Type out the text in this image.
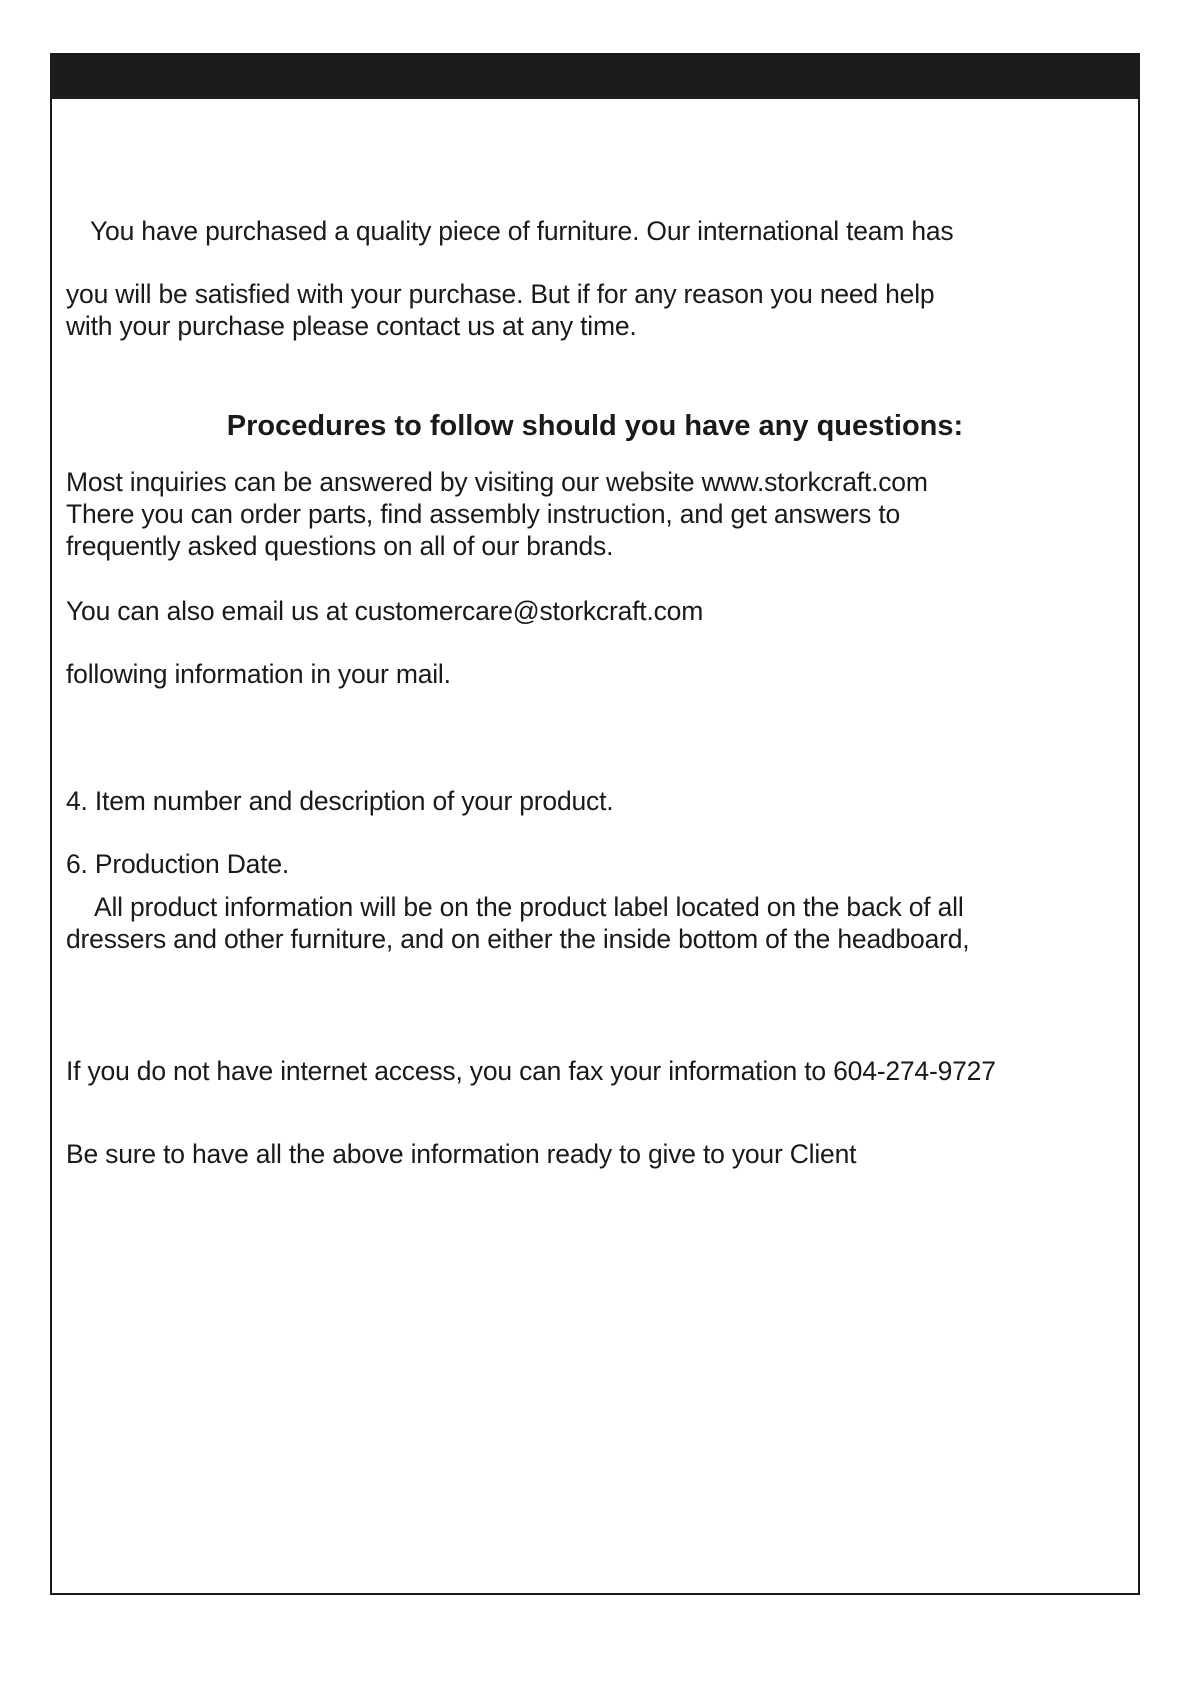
You have purchased a quality piece of furniture. Our international team has

you will be satisfied with your purchase. But if for any reason you need help

with your purchase please contact us at any time.

Procedures to follow should you have any questions:

Most inquiries can be answered by visiting our website www.storkcraft.com

There you can order parts, find assembly instruction, and get answers to

frequently asked questions on all of our brands.

You can also email us at customercare@storkcraft.com

following information in your mail.

4. Item number and description of your product.

6. Production Date.

All product information will be on the product label located on the back of all

dressers and other furniture, and on either the inside bottom of the headboard,

If you do not have internet access, you can fax your information to 604-274-9727

Be sure to have all the above information ready to give to your Client
